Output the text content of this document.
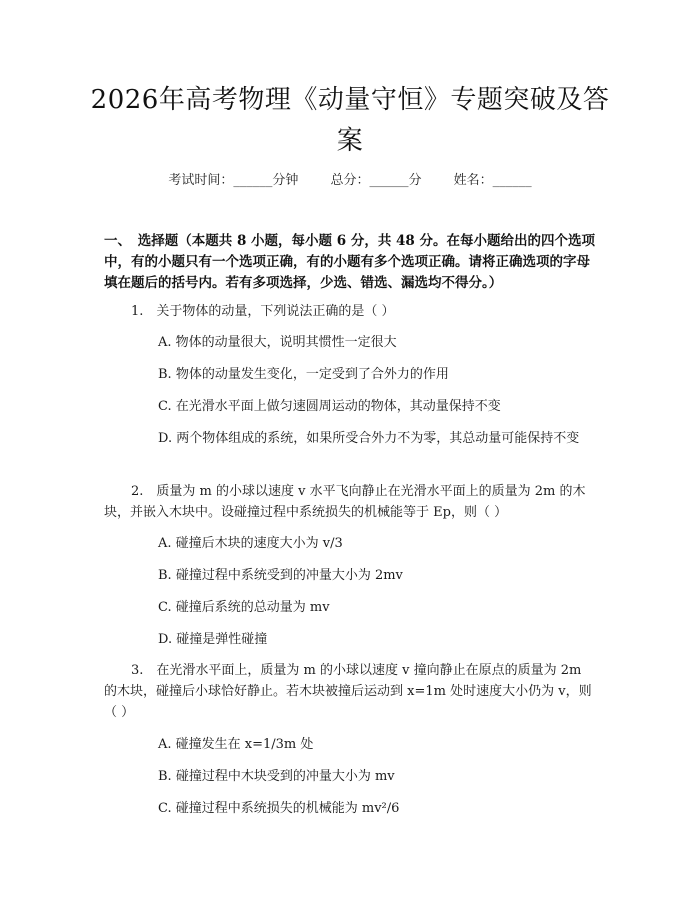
2026年高考物理《动量守恒》专题突破及答案
考试时间：______分钟 总分：______分 姓名：______
一、　选择题（本题共 8 小题，每小题 6 分，共 48 分。在每小题给出的四个选项中，有的小题只有一个选项正确，有的小题有多个选项正确。请将正确选项的字母填在题后的括号内。若有多项选择，少选、错选、漏选均不得分。）
1.　关于物体的动量，下列说法正确的是（ ）
A. 物体的动量很大，说明其惯性一定很大
B. 物体的动量发生变化，一定受到了合外力的作用
C. 在光滑水平面上做匀速圆周运动的物体，其动量保持不变
D. 两个物体组成的系统，如果所受合外力不为零，其总动量可能保持不变
2.　质量为 m 的小球以速度 v 水平飞向静止在光滑水平面上的质量为 2m 的木块，并嵌入木块中。设碰撞过程中系统损失的机械能等于 Ep，则（ ）
A. 碰撞后木块的速度大小为 v/3
B. 碰撞过程中系统受到的冲量大小为 2mv
C. 碰撞后系统的总动量为 mv
D. 碰撞是弹性碰撞
3.　在光滑水平面上，质量为 m 的小球以速度 v 撞向静止在原点的质量为 2m 的木块，碰撞后小球恰好静止。若木块被撞后运动到 x=1m 处时速度大小仍为 v，则（ ）
A. 碰撞发生在 x=1/3m 处
B. 碰撞过程中木块受到的冲量大小为 mv
C. 碰撞过程中系统损失的机械能为 mv²/6
